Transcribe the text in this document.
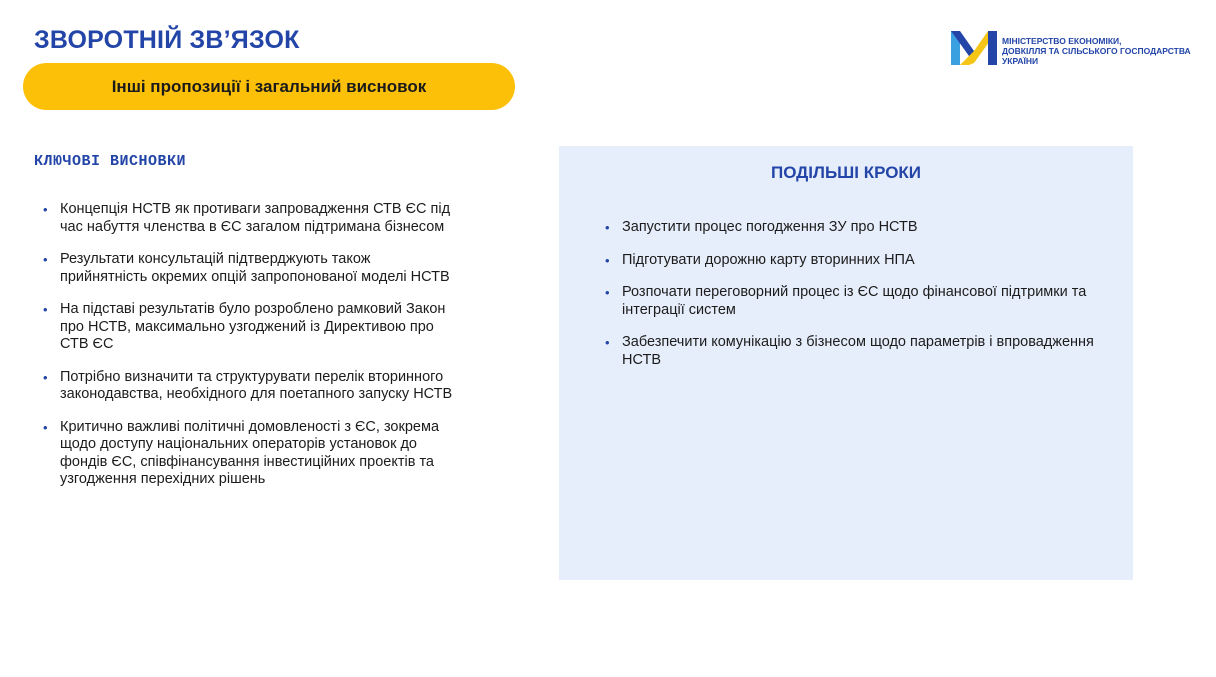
ЗВОРОТНІЙ ЗВ’ЯЗОК
Інші пропозиції і загальний висновок
МІНІСТЕРСТВО ЕКОНОМІКИ,
ДОВКІЛЛЯ ТА СІЛЬСЬКОГО ГОСПОДАРСТВА
УКРАЇНИ
КЛЮЧОВІ ВИСНОВКИ
• Концепція НСТВ як противаги запровадження СТВ ЄС під час набуття членства в ЄС загалом підтримана бізнесом
• Результати консультацій підтверджують також прийнятність окремих опцій запропонованої моделі НСТВ
• На підставі результатів було розроблено рамковий Закон про НСТВ, максимально узгоджений із Директивою про СТВ ЄС
• Потрібно визначити та структурувати перелік вторинного законодавства, необхідного для поетапного запуску НСТВ
• Критично важливі політичні домовленості з ЄС, зокрема щодо доступу національних операторів установок до фондів ЄС, співфінансування інвестиційних проектів та узгодження перехідних рішень
ПОДІЛЬШІ КРОКИ
• Запустити процес погодження ЗУ про НСТВ
• Підготувати дорожню карту вторинних НПА
• Розпочати переговорний процес із ЄС щодо фінансової підтримки та інтеграції систем
• Забезпечити комунікацію з бізнесом щодо параметрів і впровадження НСТВ
